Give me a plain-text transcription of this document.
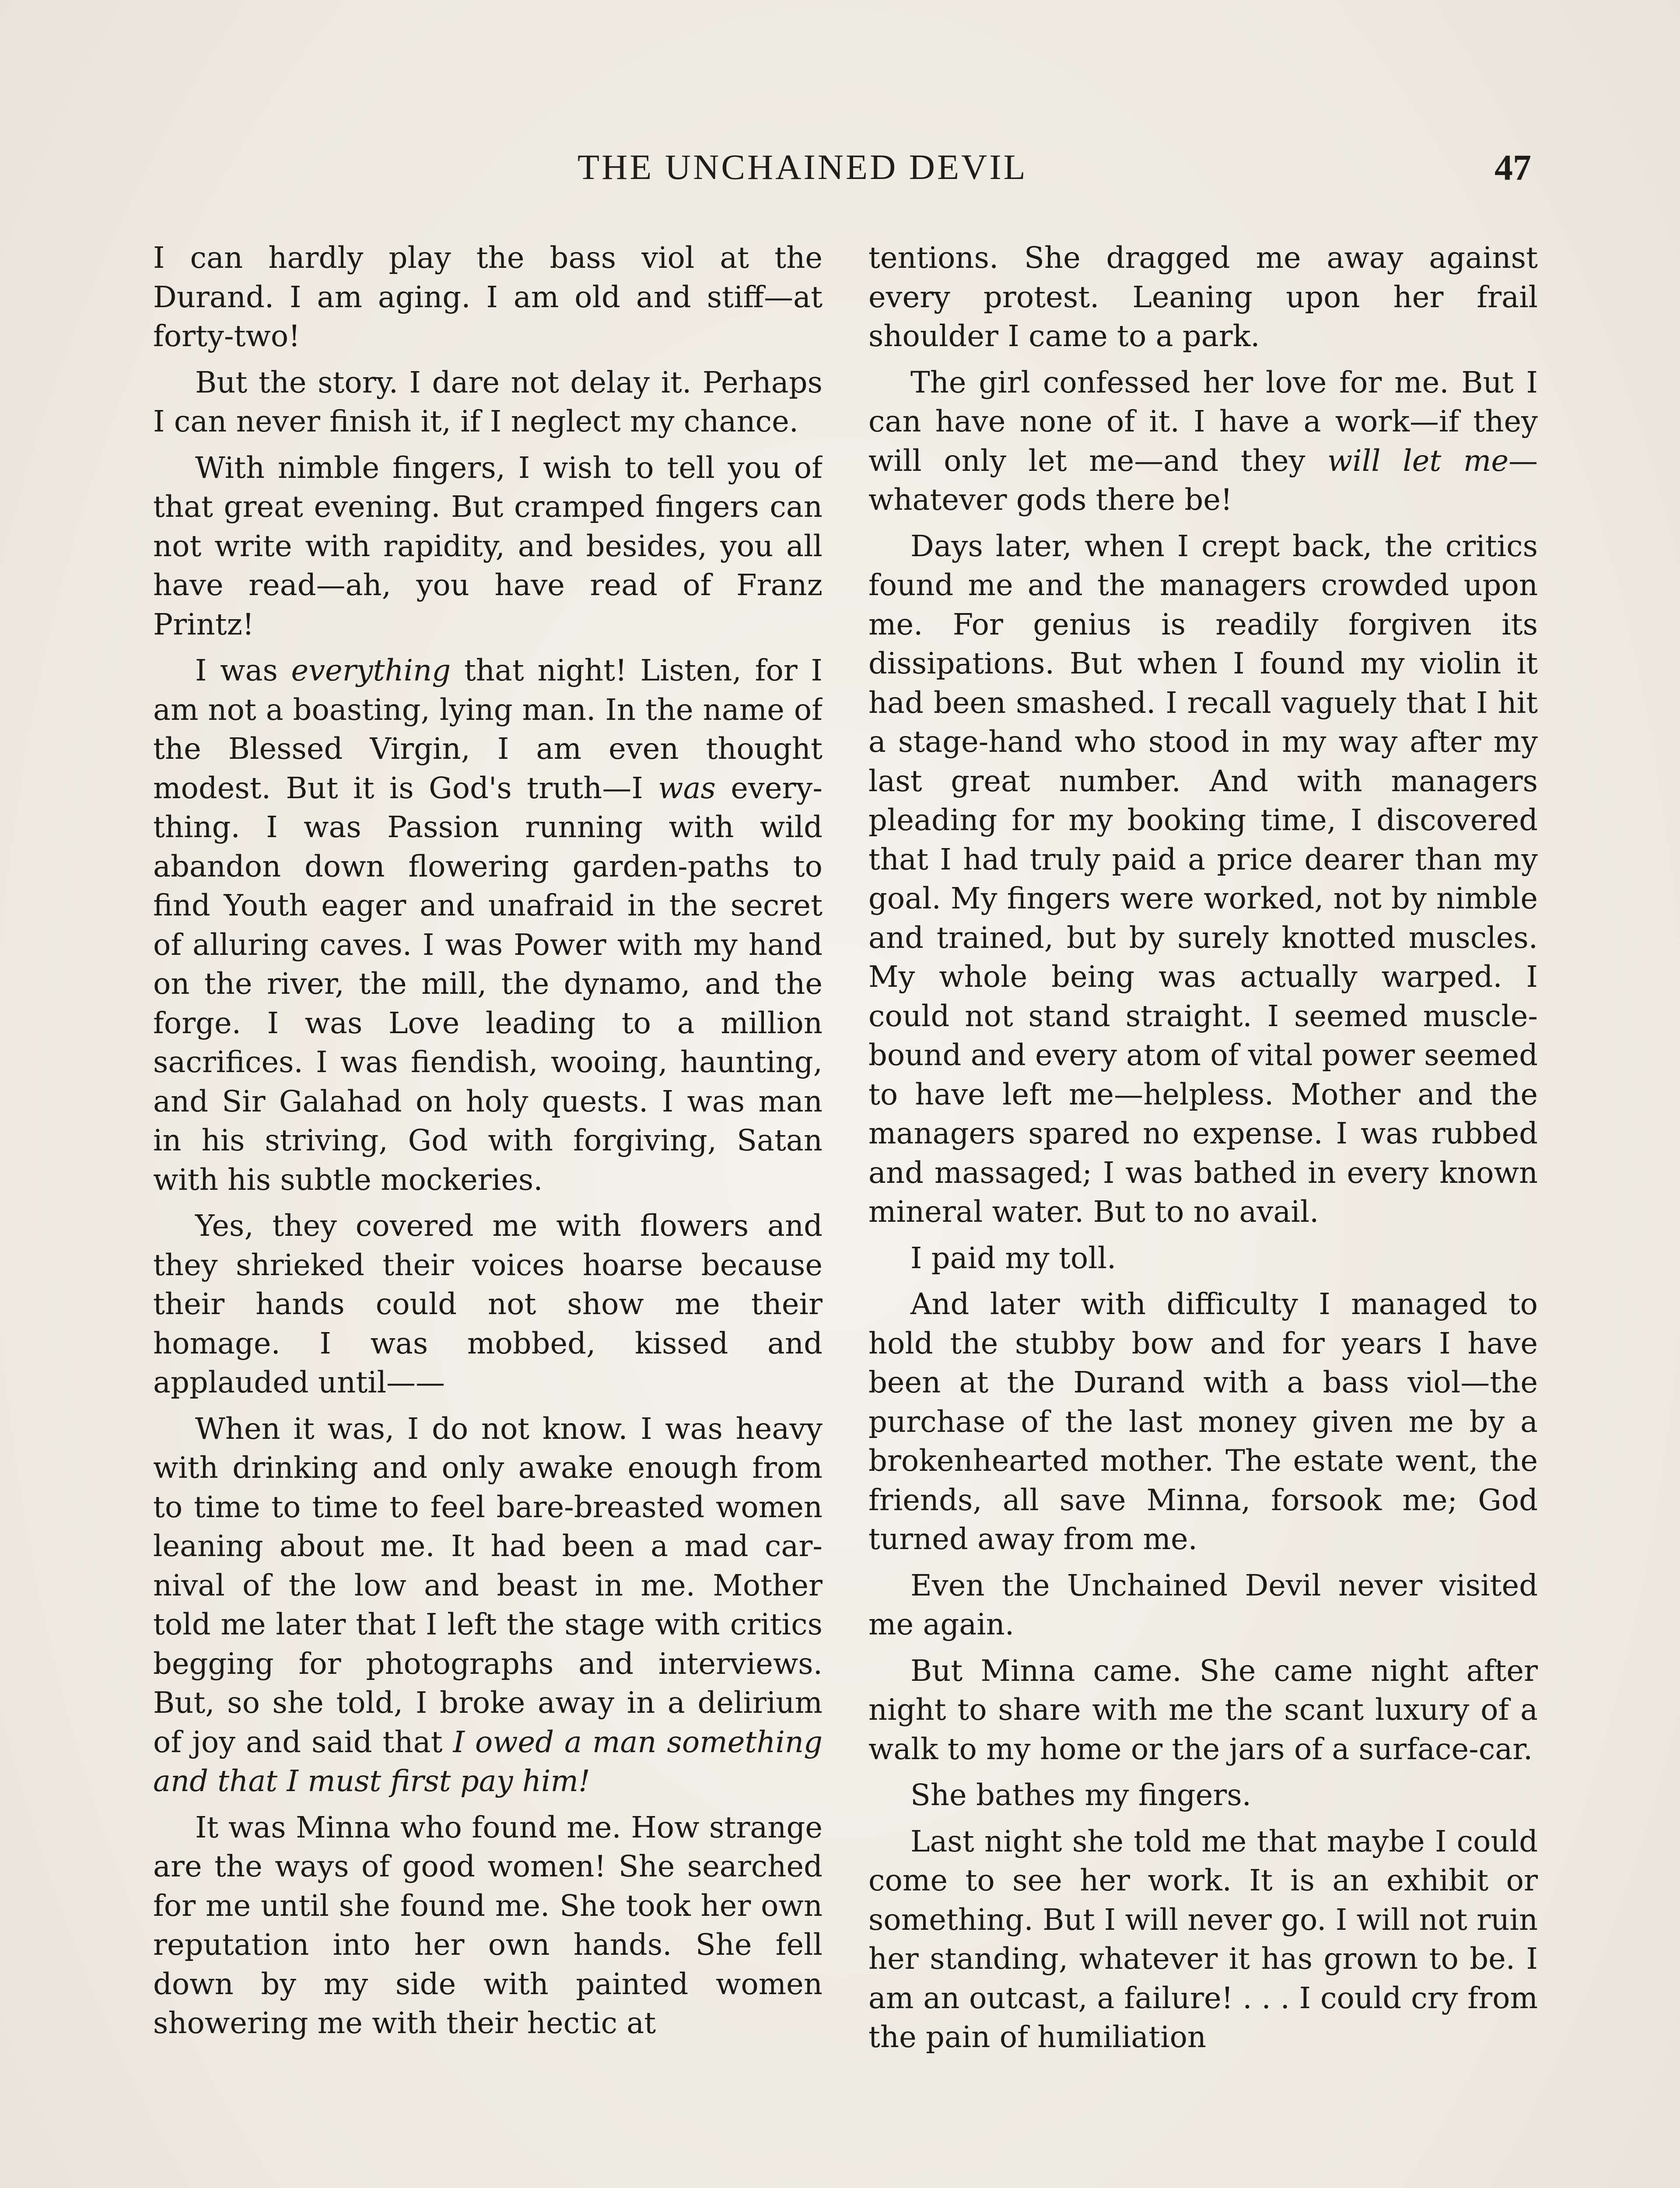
THE UNCHAINED DEVIL	47

I can hardly play the bass viol at the Durand. I am aging. I am old and stiff—at forty-two!

But the story. I dare not delay it. Perhaps I can never finish it, if I neglect my chance.

With nimble fingers, I wish to tell you of that great evening. But cramped fingers can not write with rapidity, and besides, you all have read—ah, you have read of Franz Printz!

I was everything that night! Listen, for I am not a boasting, lying man. In the name of the Blessed Virgin, I am even thought modest. But it is God's truth—I was everything. I was Passion running with wild abandon down flowering garden-paths to find Youth eager and unafraid in the secret of alluring caves. I was Power with my hand on the river, the mill, the dynamo, and the forge. I was Love leading to a million sacrifices. I was fiendish, wooing, haunting, and Sir Galahad on holy quests. I was man in his striving, God with forgiving, Satan with his subtle mockeries.

Yes, they covered me with flowers and they shrieked their voices hoarse because their hands could not show me their homage. I was mobbed, kissed and applauded until——

When it was, I do not know. I was heavy with drinking and only awake enough from to time to time to feel bare-breasted women leaning about me. It had been a mad carnival of the low and beast in me. Mother told me later that I left the stage with critics begging for photographs and interviews. But, so she told, I broke away in a delirium of joy and said that I owed a man something and that I must first pay him!

It was Minna who found me. How strange are the ways of good women! She searched for me until she found me. She took her own reputation into her own hands. She fell down by my side with painted women showering me with their hectic at

tentions. She dragged me away against every protest. Leaning upon her frail shoulder I came to a park.

The girl confessed her love for me. But I can have none of it. I have a work—if they will only let me—and they will let me—whatever gods there be!

Days later, when I crept back, the critics found me and the managers crowded upon me. For genius is readily forgiven its dissipations. But when I found my violin it had been smashed. I recall vaguely that I hit a stage-hand who stood in my way after my last great number. And with managers pleading for my booking time, I discovered that I had truly paid a price dearer than my goal. My fingers were worked, not by nimble and trained, but by surely knotted muscles. My whole being was actually warped. I could not stand straight. I seemed musclebound and every atom of vital power seemed to have left me—helpless. Mother and the managers spared no expense. I was rubbed and massaged; I was bathed in every known mineral water. But to no avail.

I paid my toll.

And later with difficulty I managed to hold the stubby bow and for years I have been at the Durand with a bass viol—the purchase of the last money given me by a brokenhearted mother. The estate went, the friends, all save Minna, forsook me; God turned away from me.

Even the Unchained Devil never visited me again.

But Minna came. She came night after night to share with me the scant luxury of a walk to my home or the jars of a surface-car.

She bathes my fingers.

Last night she told me that maybe I could come to see her work. It is an exhibit or something. But I will never go. I will not ruin her standing, whatever it has grown to be. I am an outcast, a failure! . . . I could cry from the pain of humiliation
